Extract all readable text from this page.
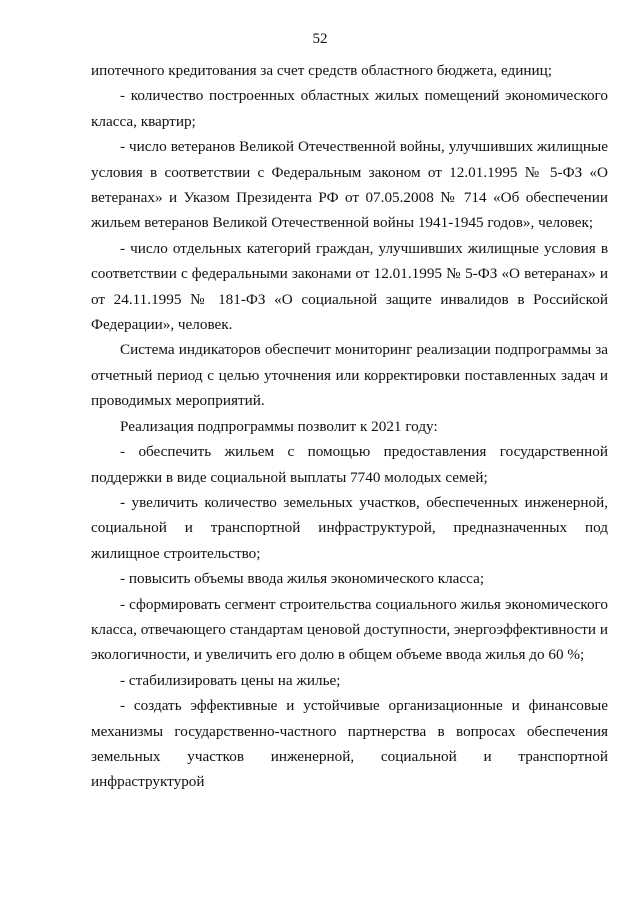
52

ипотечного кредитования за счет средств областного бюджета, единиц;

- количество построенных областных жилых помещений экономического класса, квартир;

- число ветеранов Великой Отечественной войны, улучшивших жилищные условия в соответствии с Федеральным законом от 12.01.1995 № 5-ФЗ «О ветеранах» и Указом Президента РФ от 07.05.2008 № 714 «Об обеспечении жильем ветеранов Великой Отечественной войны 1941-1945 годов», человек;

- число отдельных категорий граждан, улучшивших жилищные условия в соответствии с федеральными законами от 12.01.1995 № 5-ФЗ «О ветеранах» и от 24.11.1995 № 181-ФЗ «О социальной защите инвалидов в Российской Федерации», человек.

Система индикаторов обеспечит мониторинг реализации подпрограммы за отчетный период с целью уточнения или корректировки поставленных задач и проводимых мероприятий.

Реализация подпрограммы позволит к 2021 году:

- обеспечить жильем с помощью предоставления государственной поддержки в виде социальной выплаты 7740 молодых семей;

- увеличить количество земельных участков, обеспеченных инженерной, социальной и транспортной инфраструктурой, предназначенных под жилищное строительство;

- повысить объемы ввода жилья экономического класса;

- сформировать сегмент строительства социального жилья экономического класса, отвечающего стандартам ценовой доступности, энергоэффективности и экологичности, и увеличить его долю в общем объеме ввода жилья до 60 %;

- стабилизировать цены на жилье;

- создать эффективные и устойчивые организационные и финансовые механизмы государственно-частного партнерства в вопросах обеспечения земельных участков инженерной, социальной и транспортной инфраструктурой
